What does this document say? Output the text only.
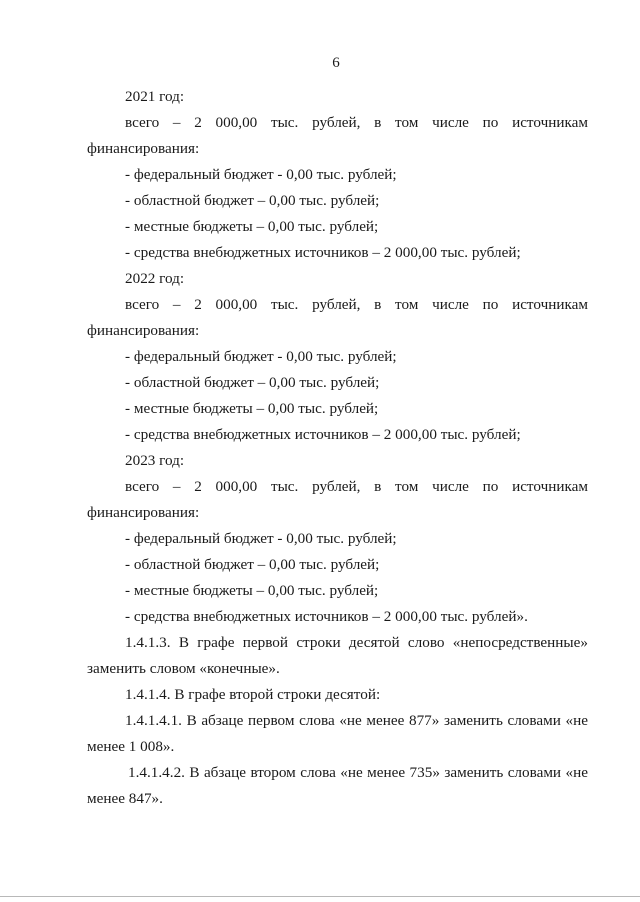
6
2021 год:
всего – 2 000,00 тыс. рублей, в том числе по источникам
финансирования:
- федеральный бюджет - 0,00 тыс. рублей;
- областной бюджет – 0,00 тыс. рублей;
- местные бюджеты – 0,00 тыс. рублей;
- средства внебюджетных источников – 2 000,00 тыс. рублей;
2022 год:
всего – 2 000,00 тыс. рублей, в том числе по источникам
финансирования:
- федеральный бюджет - 0,00 тыс. рублей;
- областной бюджет – 0,00 тыс. рублей;
- местные бюджеты – 0,00 тыс. рублей;
- средства внебюджетных источников – 2 000,00 тыс. рублей;
2023 год:
всего – 2 000,00 тыс. рублей, в том числе по источникам
финансирования:
- федеральный бюджет - 0,00 тыс. рублей;
- областной бюджет – 0,00 тыс. рублей;
- местные бюджеты – 0,00 тыс. рублей;
- средства внебюджетных источников – 2 000,00 тыс. рублей».
1.4.1.3. В графе первой строки десятой слово «непосредственные»
заменить словом «конечные».
1.4.1.4. В графе второй строки десятой:
1.4.1.4.1. В абзаце первом слова «не менее 877» заменить словами «не
менее 1 008».
1.4.1.4.2. В абзаце втором слова «не менее 735» заменить словами «не
менее 847».
